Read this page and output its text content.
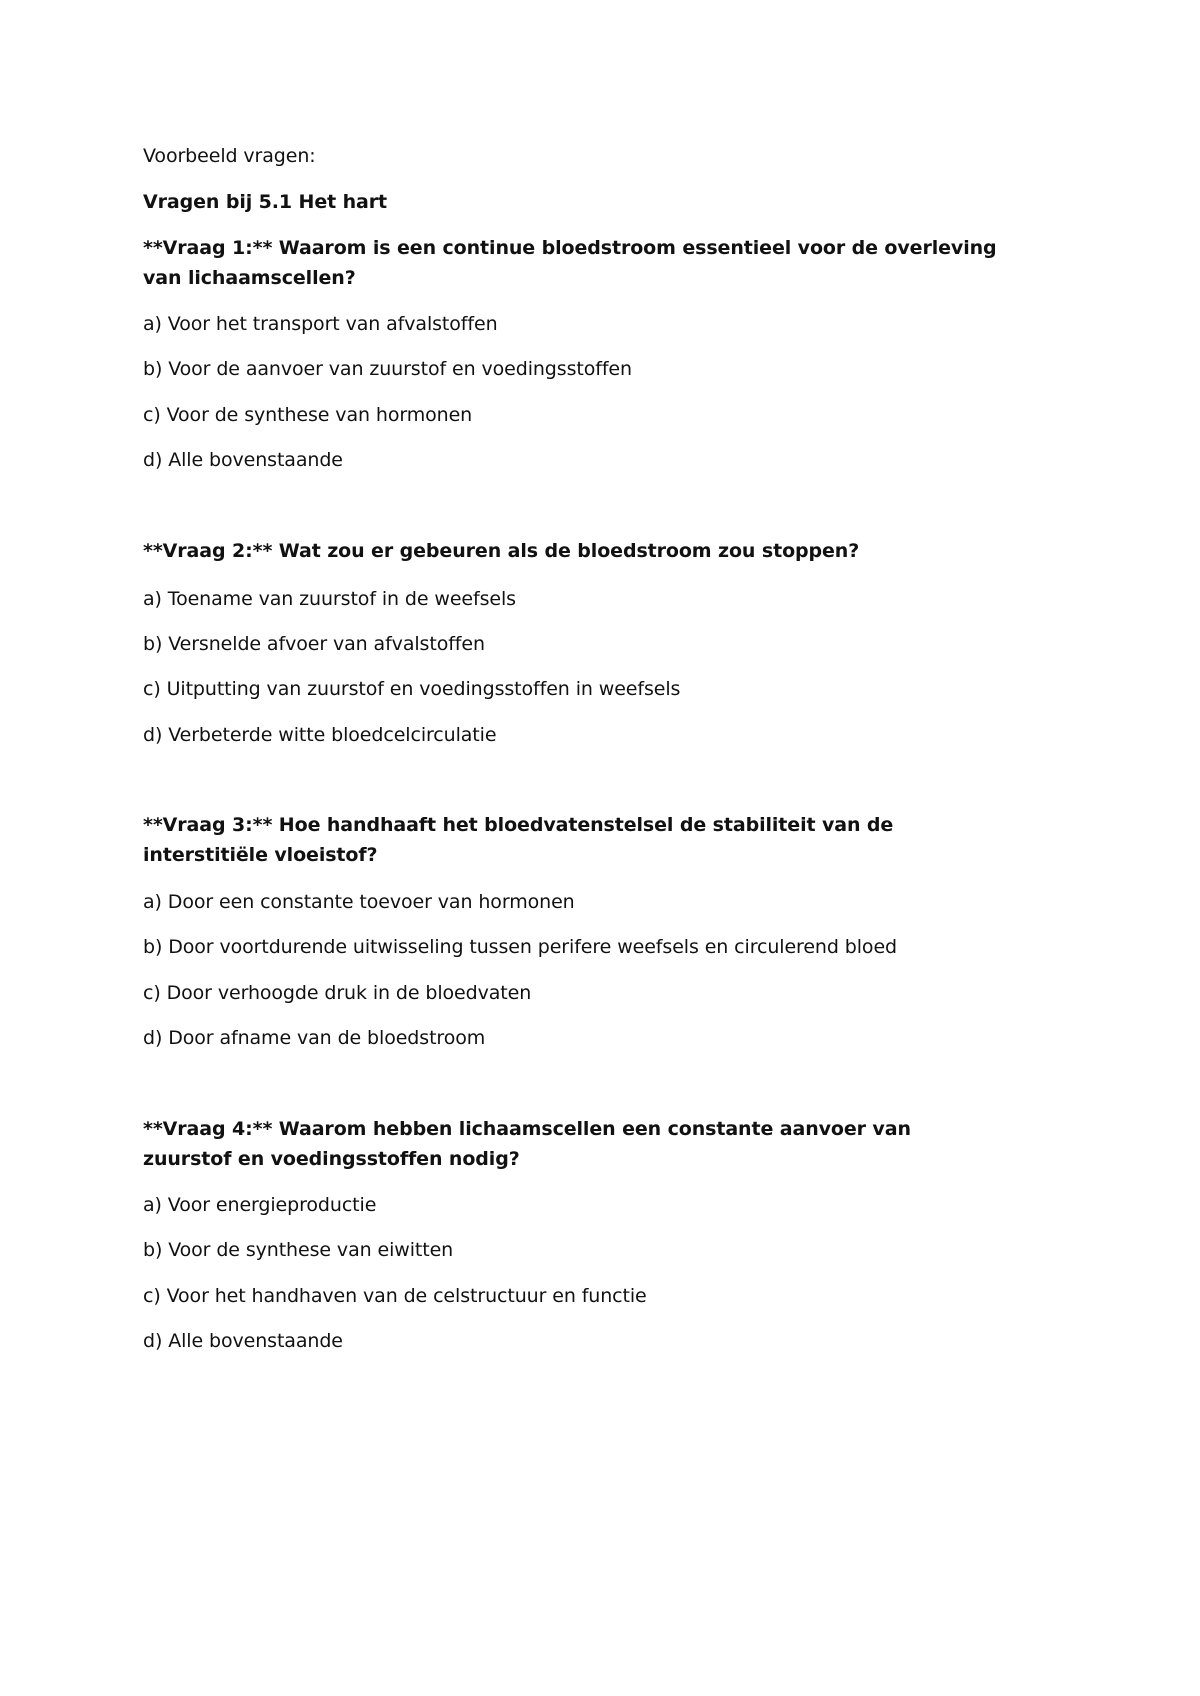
Voorbeeld vragen:
Vragen bij 5.1 Het hart
**Vraag 1:** Waarom is een continue bloedstroom essentieel voor de overleving van lichaamscellen?
a) Voor het transport van afvalstoffen
b) Voor de aanvoer van zuurstof en voedingsstoffen
c) Voor de synthese van hormonen
d) Alle bovenstaande
**Vraag 2:** Wat zou er gebeuren als de bloedstroom zou stoppen?
a) Toename van zuurstof in de weefsels
b) Versnelde afvoer van afvalstoffen
c) Uitputting van zuurstof en voedingsstoffen in weefsels
d) Verbeterde witte bloedcelcirculatie
**Vraag 3:** Hoe handhaaft het bloedvatenstelsel de stabiliteit van de interstitiële vloeistof?
a) Door een constante toevoer van hormonen
b) Door voortdurende uitwisseling tussen perifere weefsels en circulerend bloed
c) Door verhoogde druk in de bloedvaten
d) Door afname van de bloedstroom
**Vraag 4:** Waarom hebben lichaamscellen een constante aanvoer van zuurstof en voedingsstoffen nodig?
a) Voor energieproductie
b) Voor de synthese van eiwitten
c) Voor het handhaven van de celstructuur en functie
d) Alle bovenstaande
